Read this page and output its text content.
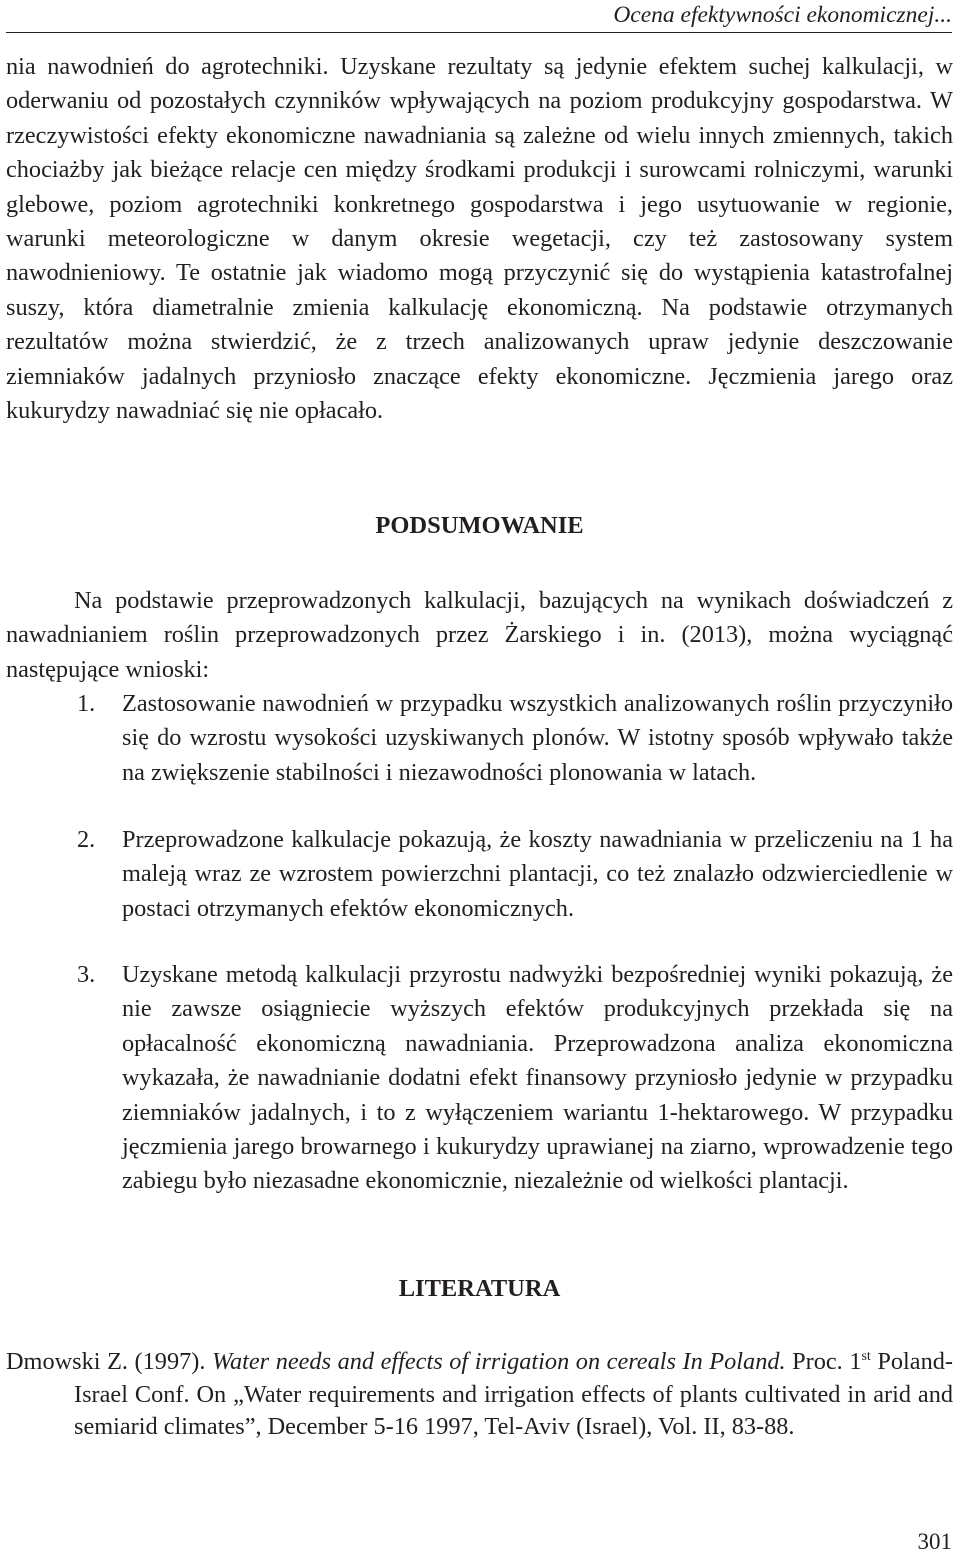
Ocena efektywności ekonomicznej...

nia nawodnień do agrotechniki. Uzyskane rezultaty są jedynie efektem suchej kalkulacji, w oderwaniu od pozostałych czynników wpływających na poziom produkcyjny gospodarstwa. W rzeczywistości efekty ekonomiczne nawadniania są zależne od wielu innych zmiennych, takich chociażby jak bieżące relacje cen między środkami produkcji i surowcami rolniczymi, warunki glebowe, poziom agrotechniki konkretnego gospodarstwa i jego usytuowanie w regionie, warunki meteorologiczne w danym okresie wegetacji, czy też zastosowany system nawodnieniowy. Te ostatnie jak wiadomo mogą przyczynić się do wystąpienia katastrofalnej suszy, która diametralnie zmienia kalkulację ekonomiczną. Na podstawie otrzymanych rezultatów można stwierdzić, że z trzech analizowanych upraw jedynie deszczowanie ziemniaków jadalnych przyniosło znaczące efekty ekonomiczne. Jęczmienia jarego oraz kukurydzy nawadniać się nie opłacało.

PODSUMOWANIE

Na podstawie przeprowadzonych kalkulacji, bazujących na wynikach doświadczeń z nawadnianiem roślin przeprowadzonych przez Żarskiego i in. (2013), można wyciągnąć następujące wnioski:

1. Zastosowanie nawodnień w przypadku wszystkich analizowanych roślin przyczyniło się do wzrostu wysokości uzyskiwanych plonów. W istotny sposób wpływało także na zwiększenie stabilności i niezawodności plonowania w latach.

2. Przeprowadzone kalkulacje pokazują, że koszty nawadniania w przeliczeniu na 1 ha maleją wraz ze wzrostem powierzchni plantacji, co też znalazło odzwierciedlenie w postaci otrzymanych efektów ekonomicznych.

3. Uzyskane metodą kalkulacji przyrostu nadwyżki bezpośredniej wyniki pokazują, że nie zawsze osiągniecie wyższych efektów produkcyjnych przekłada się na opłacalność ekonomiczną nawadniania. Przeprowadzona analiza ekonomiczna wykazała, że nawadnianie dodatni efekt finansowy przyniosło jedynie w przypadku ziemniaków jadalnych, i to z wyłączeniem wariantu 1-hektarowego. W przypadku jęczmienia jarego browarnego i kukurydzy uprawianej na ziarno, wprowadzenie tego zabiegu było niezasadne ekonomicznie, niezależnie od wielkości plantacji.

LITERATURA

Dmowski Z. (1997). Water needs and effects of irrigation on cereals In Poland. Proc. 1st Poland-Israel Conf. On „Water requirements and irrigation effects of plants cultivated in arid and semiarid climates”, December 5-16 1997, Tel-Aviv (Israel), Vol. II, 83-88.

301
